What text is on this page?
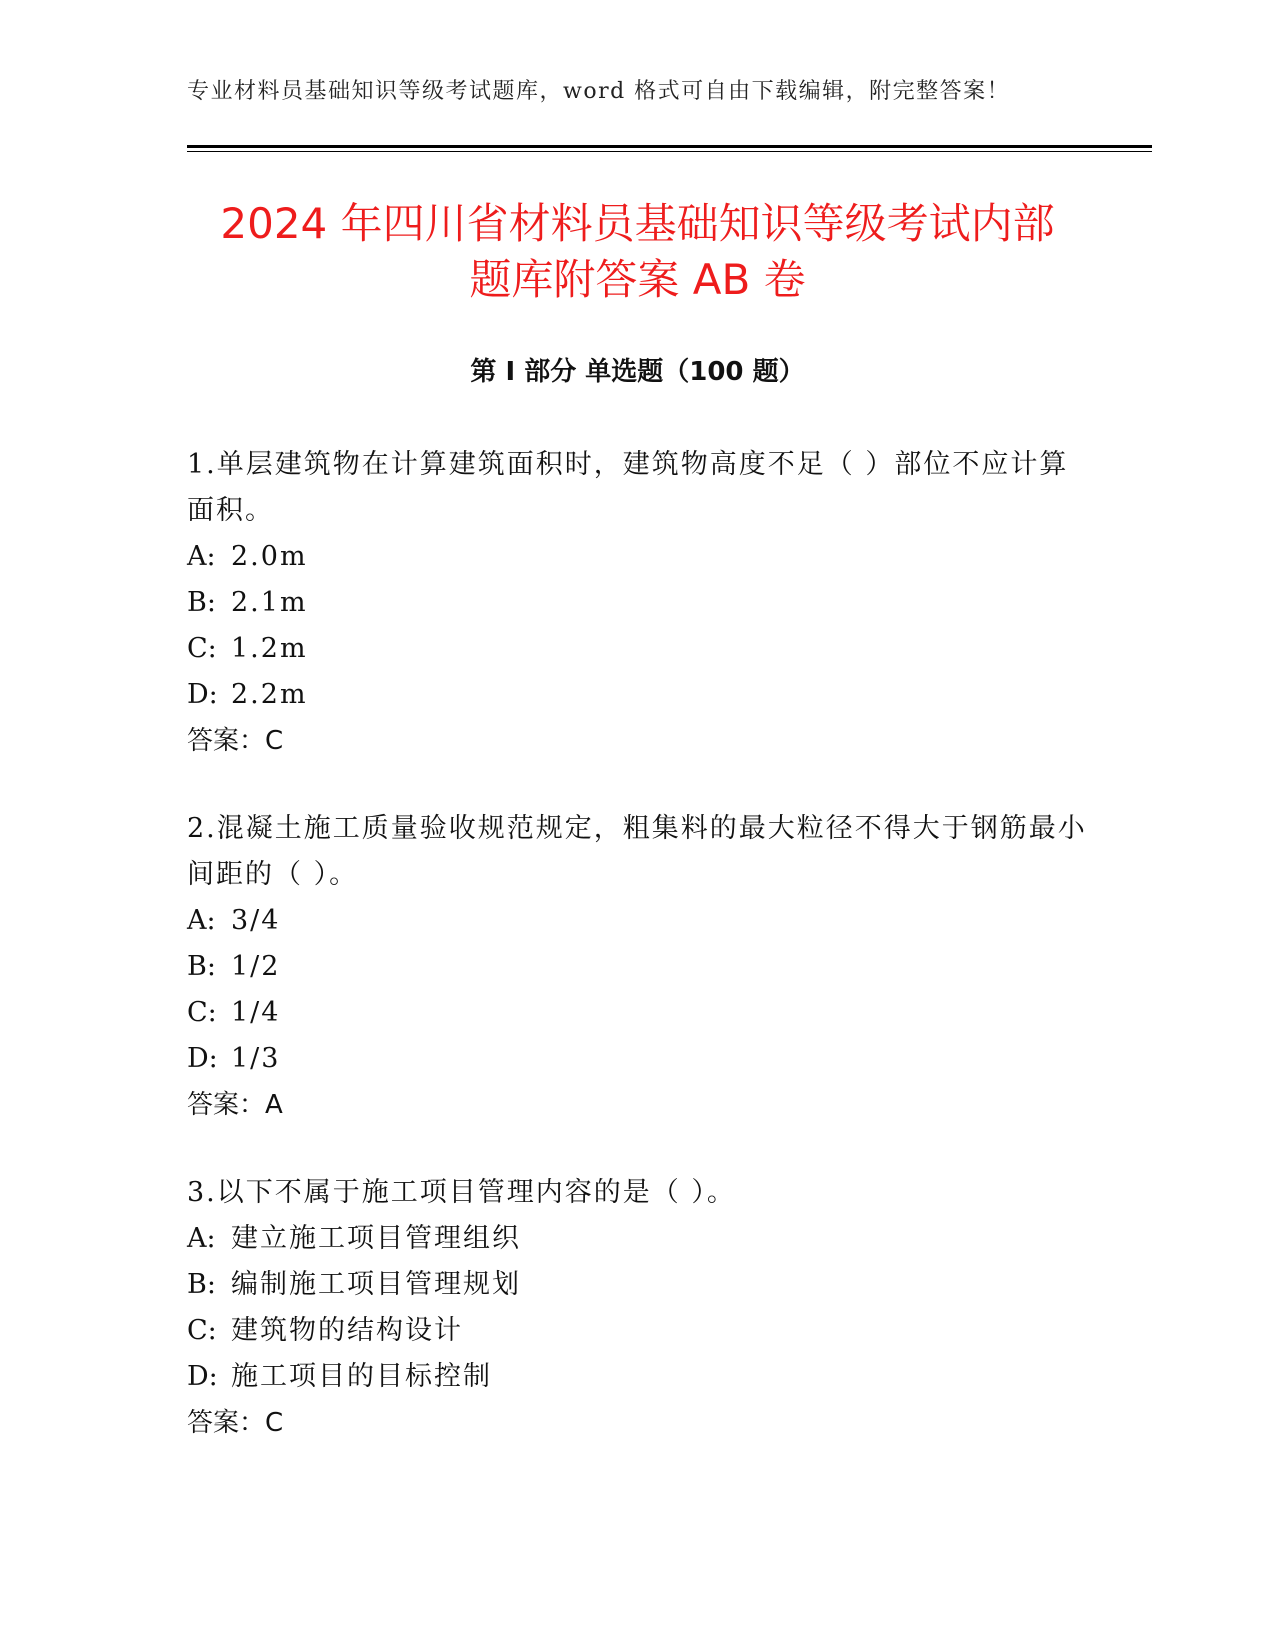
专业材料员基础知识等级考试题库，word 格式可自由下载编辑，附完整答案！
2024 年四川省材料员基础知识等级考试内部
题库附答案 AB 卷
第 I 部分 单选题（100 题）

1.单层建筑物在计算建筑面积时，建筑物高度不足（ ）部位不应计算面积。

A: 2.0m

B: 2.1m

C: 1.2m

D: 2.2m

答案：C

2.混凝土施工质量验收规范规定，粗集料的最大粒径不得大于钢筋最小间距的（ ）。

A: 3/4

B: 1/2

C: 1/4

D: 1/3

答案：A

3.以下不属于施工项目管理内容的是（ ）。

A: 建立施工项目管理组织

B: 编制施工项目管理规划

C: 建筑物的结构设计

D: 施工项目的目标控制

答案：C
